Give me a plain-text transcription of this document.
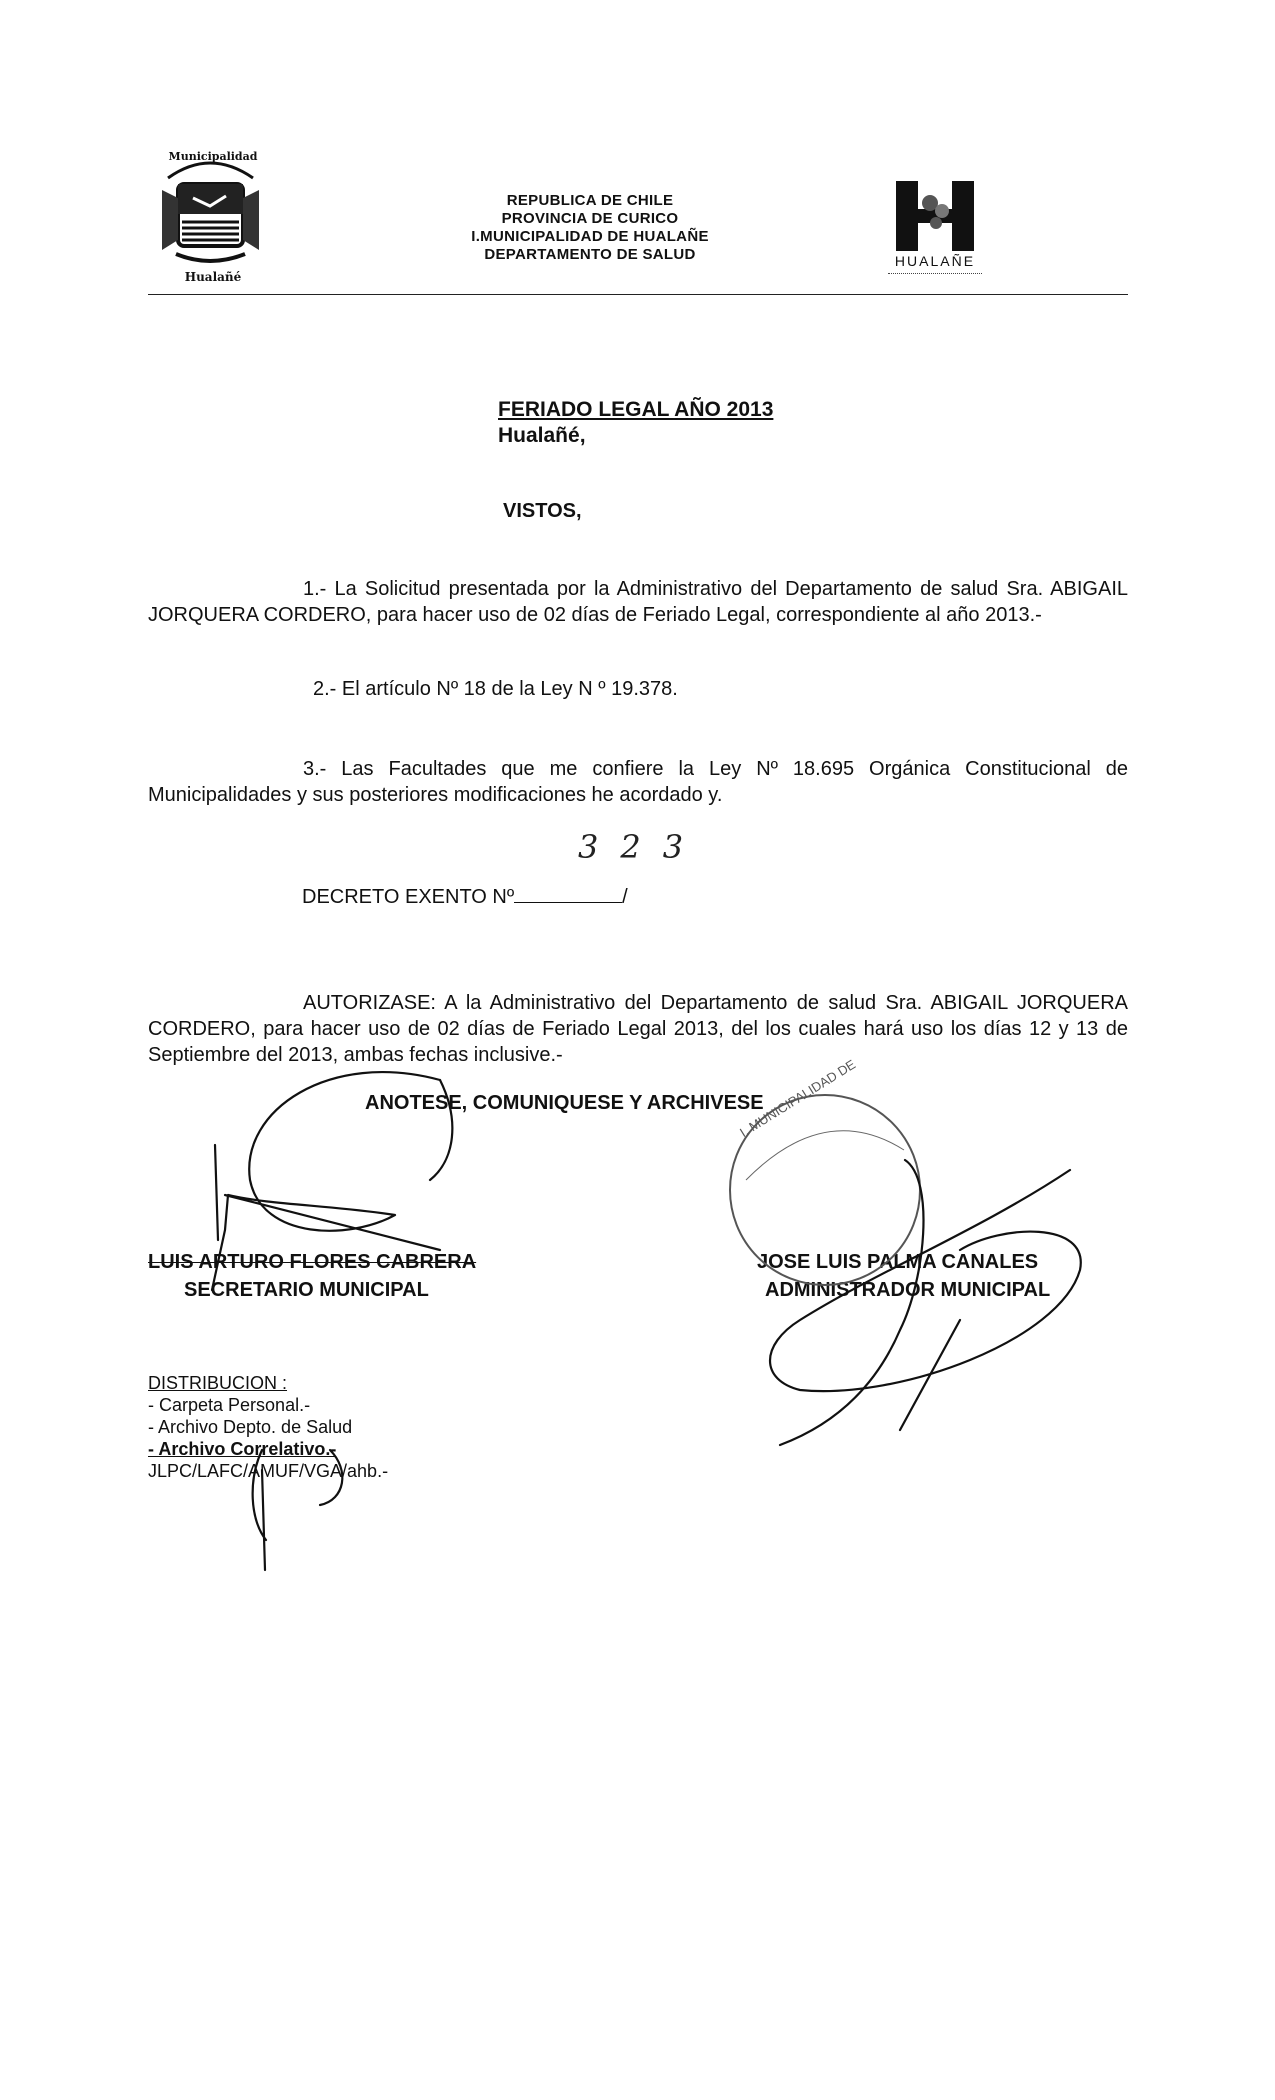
Municipalidad
Hualañé
REPUBLICA DE CHILE
PROVINCIA DE CURICO
I.MUNICIPALIDAD DE HUALAÑE
DEPARTAMENTO DE SALUD	HUALAÑE
FERIADO LEGAL AÑO 2013
Hualañé,
VISTOS,
1.- La Solicitud presentada por la Administrativo del Departamento de salud Sra. ABIGAIL JORQUERA CORDERO, para hacer uso de 02 días de Feriado Legal, correspondiente al año 2013.-
2.- El artículo Nº 18 de la Ley N º 19.378.
3.- Las Facultades que me confiere la Ley Nº 18.695 Orgánica Constitucional de Municipalidades y sus posteriores modificaciones he acordado y.
323
DECRETO EXENTO Nº	/
AUTORIZASE: A la Administrativo del Departamento de salud Sra. ABIGAIL JORQUERA CORDERO, para hacer uso de 02 días de Feriado Legal 2013, del los cuales hará uso los días 12 y 13 de Septiembre del 2013, ambas fechas inclusive.-
ANOTESE, COMUNIQUESE Y ARCHIVESE
LUIS ARTURO FLORES CABRERA
SECRETARIO MUNICIPAL
JOSE LUIS PALMA CANALES
ADMINISTRADOR MUNICIPAL
I. MUNICIPALIDAD DE
DISTRIBUCION :
- Carpeta Personal.-
- Archivo Depto. de Salud
- Archivo Correlativo.-
JLPC/LAFC/AMUF/VGA/ahb.-
